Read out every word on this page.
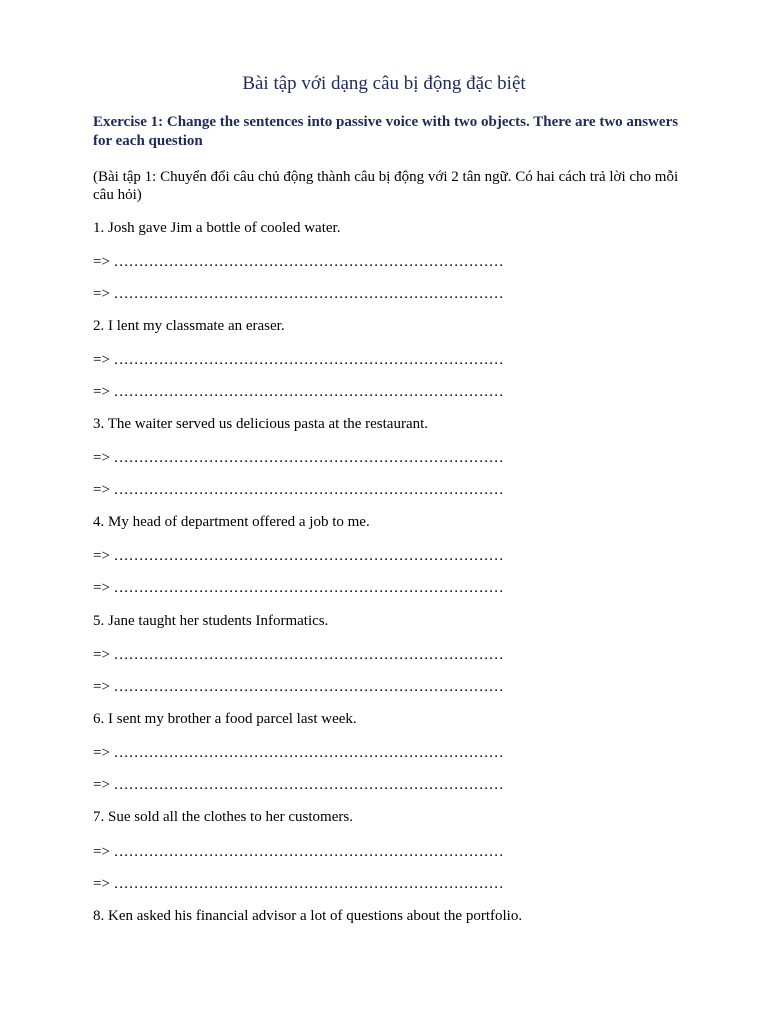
Bài tập với dạng câu bị động đặc biệt
Exercise 1: Change the sentences into passive voice with two objects. There are two answers for each question
(Bài tập 1: Chuyển đổi câu chủ động thành câu bị động với 2 tân ngữ. Có hai cách trả lời cho mỗi câu hỏi)
1. Josh gave Jim a bottle of cooled water.
=> ……………………………………………………………………
=> ……………………………………………………………………
2. I lent my classmate an eraser.
=> ……………………………………………………………………
=> ……………………………………………………………………
3. The waiter served us delicious pasta at the restaurant.
=> ……………………………………………………………………
=> ……………………………………………………………………
4. My head of department offered a job to me.
=> ……………………………………………………………………
=> ……………………………………………………………………
5. Jane taught her students Informatics.
=> ……………………………………………………………………
=> ……………………………………………………………………
6. I sent my brother a food parcel last week.
=> ……………………………………………………………………
=> ……………………………………………………………………
7. Sue sold all the clothes to her customers.
=> ……………………………………………………………………
=> ……………………………………………………………………
8. Ken asked his financial advisor a lot of questions about the portfolio.
